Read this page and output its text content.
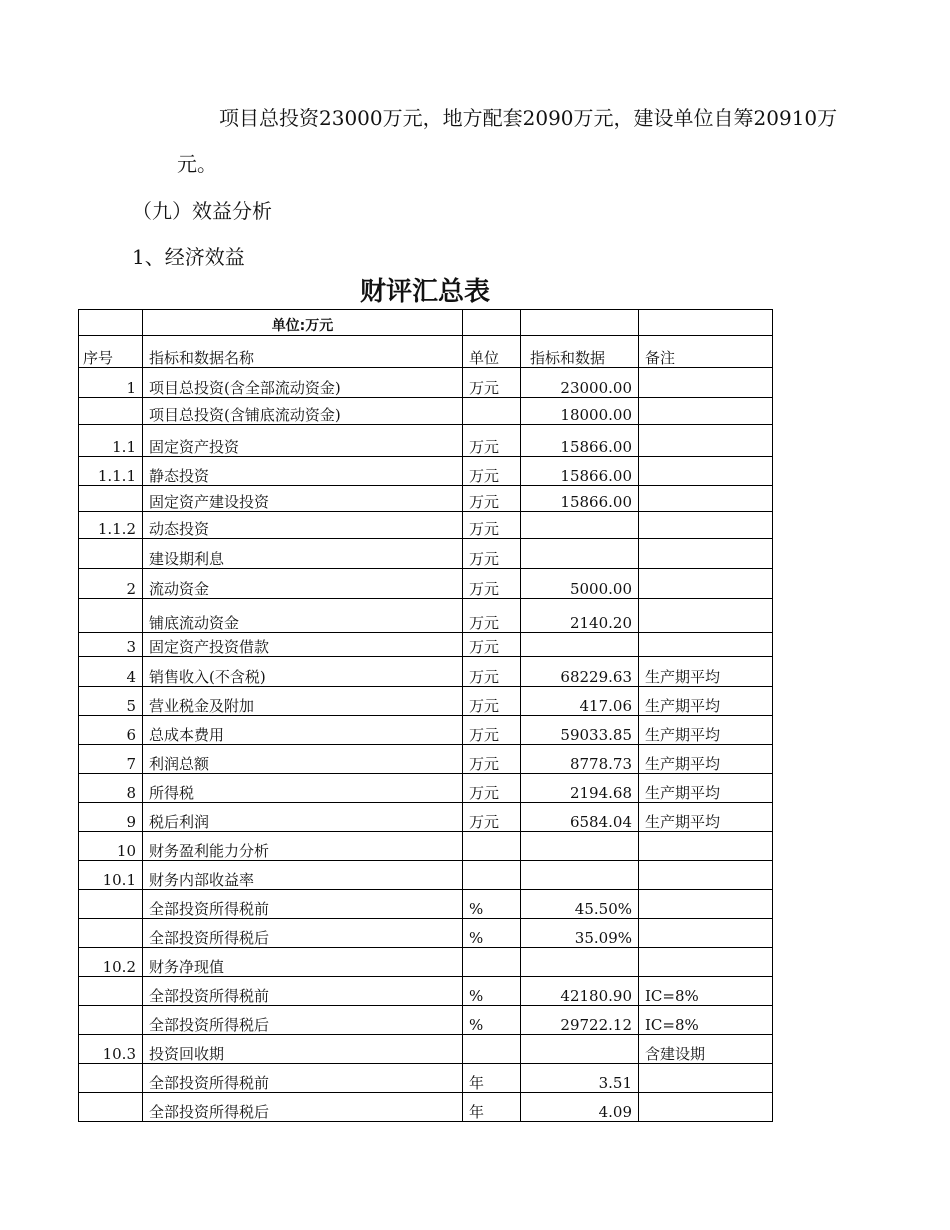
项目总投资23000万元，地方配套2090万元，建设单位自筹20910万
元。
（九）效益分析
1、经济效益
财评汇总表
	单位:万元			
序号	指标和数据名称	单位	指标和数据	备注
1	项目总投资(含全部流动资金)	万元	23000.00	
	项目总投资(含铺底流动资金)		18000.00	
1.1	固定资产投资	万元	15866.00	
1.1.1	静态投资	万元	15866.00	
	固定资产建设投资	万元	15866.00	
1.1.2	动态投资	万元		
	建设期利息	万元		
2	流动资金	万元	5000.00	
	铺底流动资金	万元	2140.20	
3	固定资产投资借款	万元		
4	销售收入(不含税)	万元	68229.63	生产期平均
5	营业税金及附加	万元	417.06	生产期平均
6	总成本费用	万元	59033.85	生产期平均
7	利润总额	万元	8778.73	生产期平均
8	所得税	万元	2194.68	生产期平均
9	税后利润	万元	6584.04	生产期平均
10	财务盈利能力分析			
10.1	财务内部收益率			
	全部投资所得税前	%	45.50%	
	全部投资所得税后	%	35.09%	
10.2	财务净现值			
	全部投资所得税前	%	42180.90	IC=8%
	全部投资所得税后	%	29722.12	IC=8%
10.3	投资回收期			含建设期
	全部投资所得税前	年	3.51	
	全部投资所得税后	年	4.09	
